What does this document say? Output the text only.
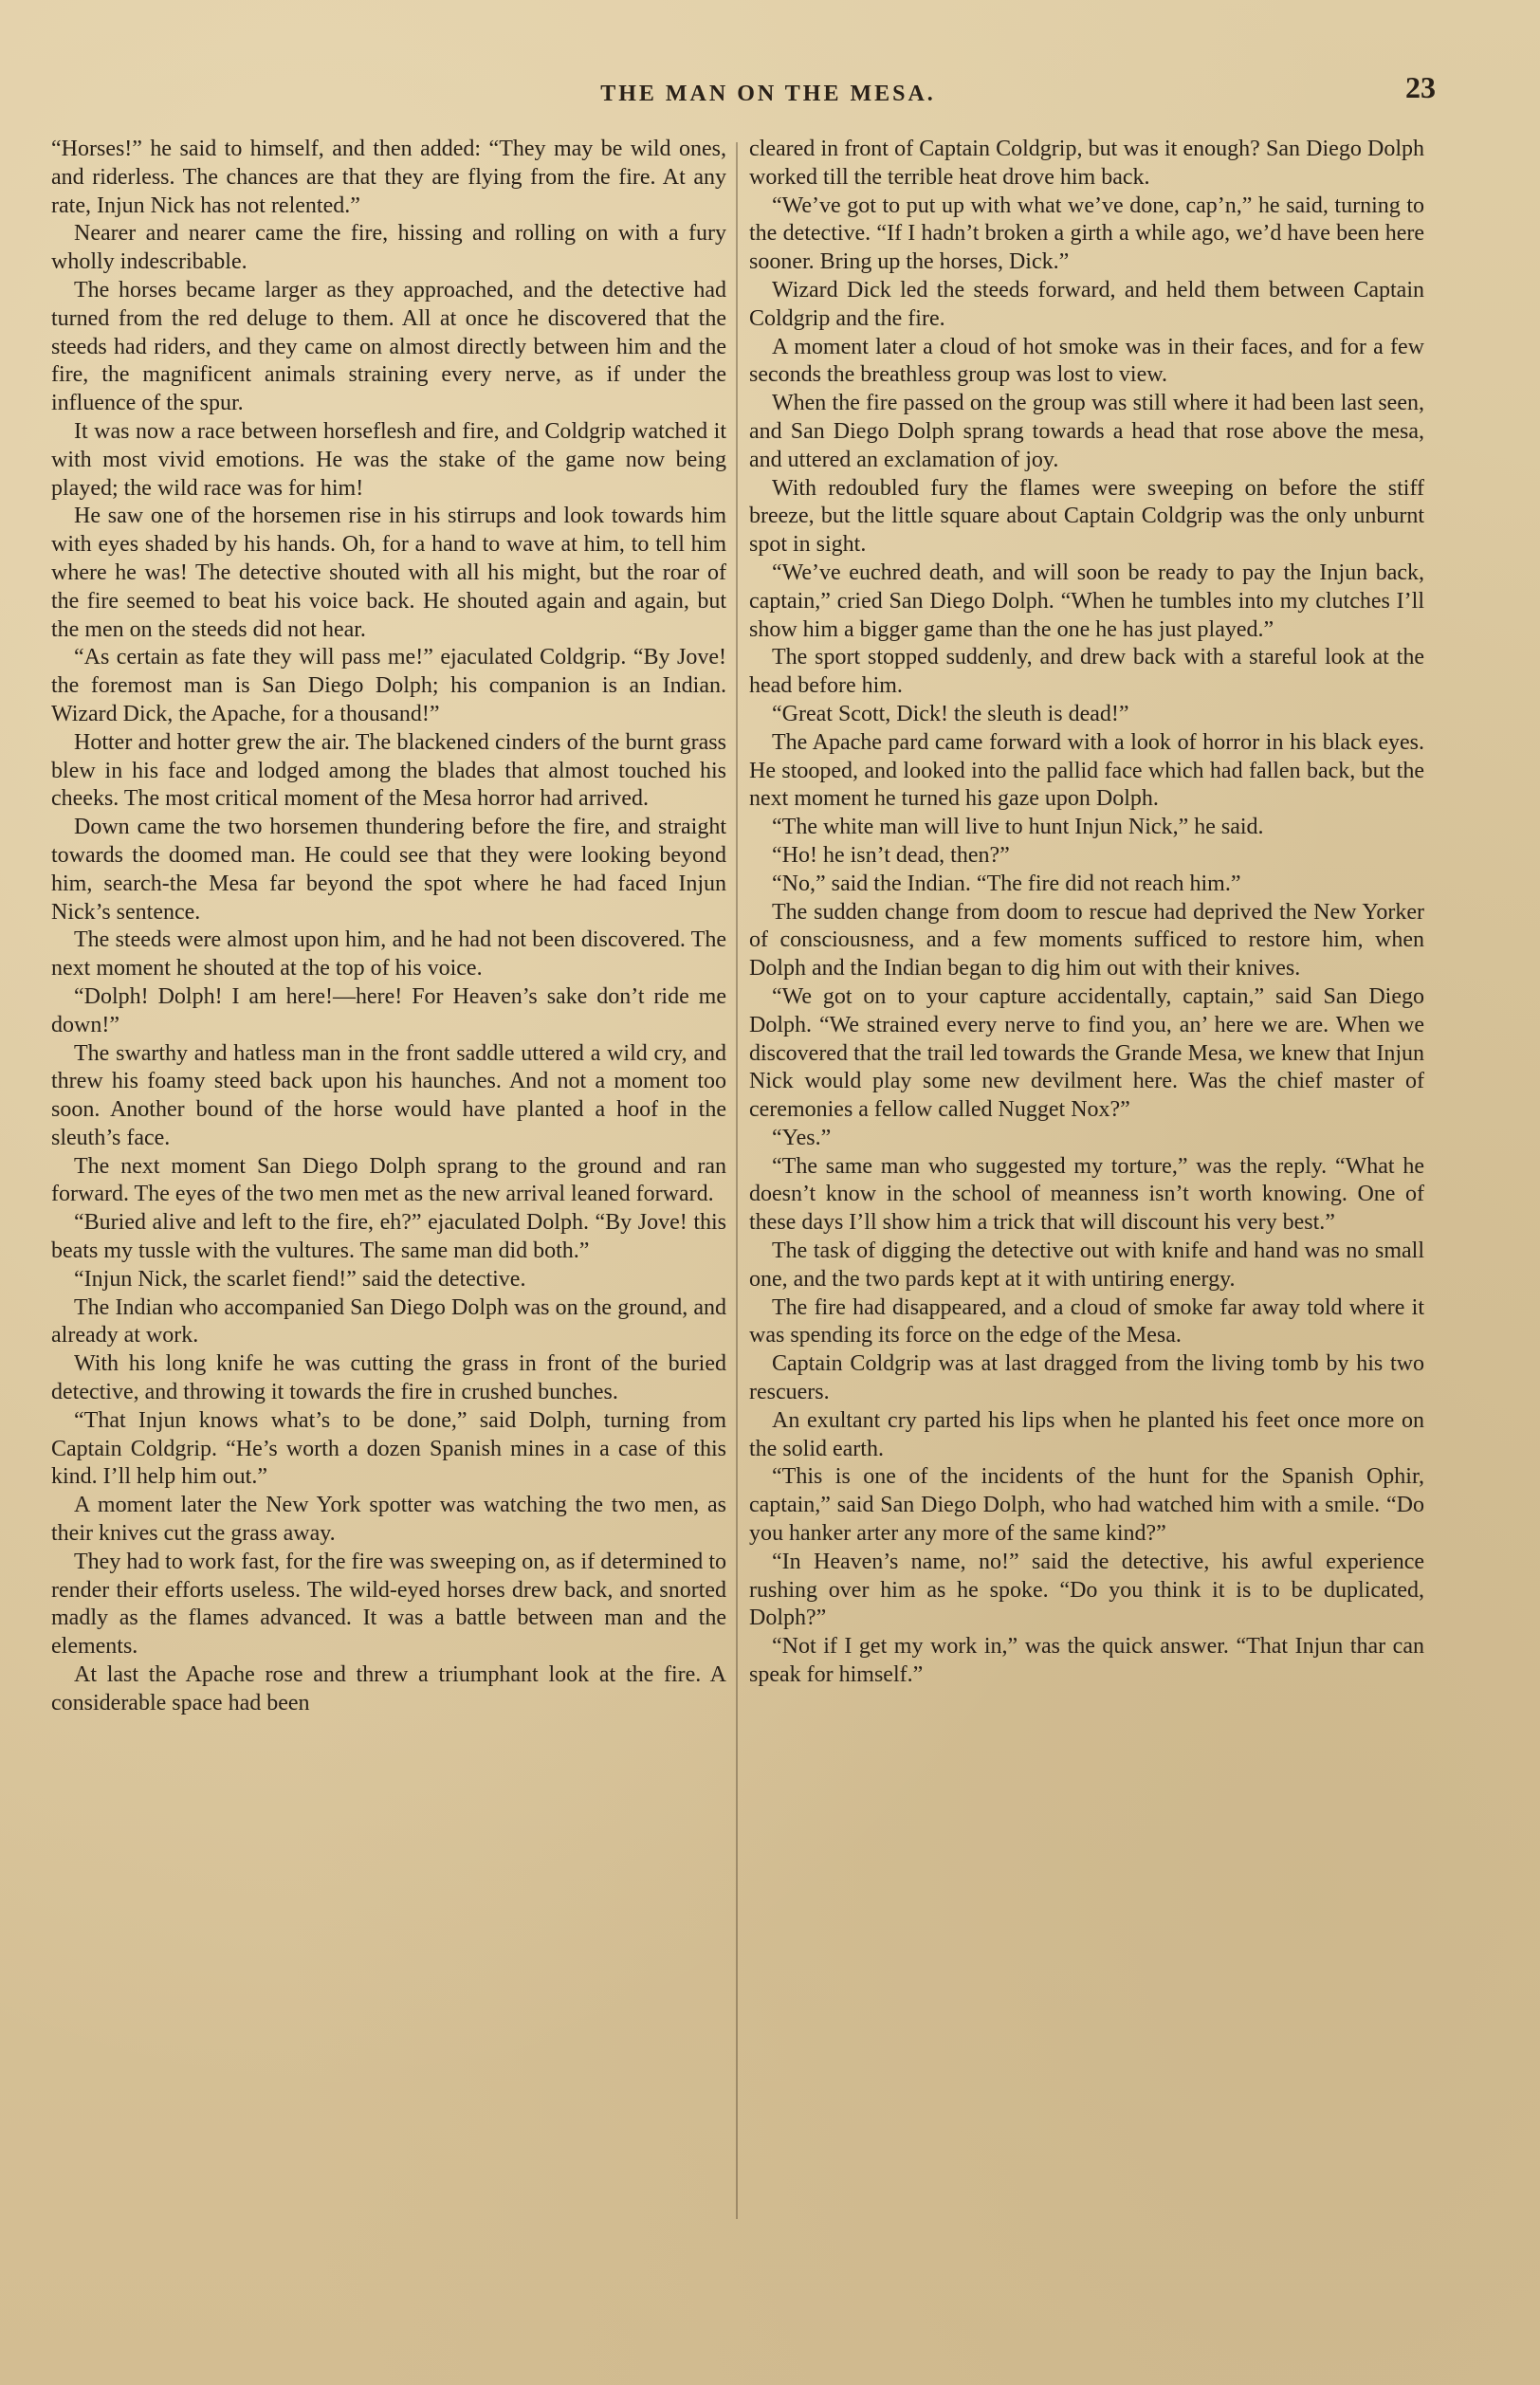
THE MAN ON THE MESA.	23

“Horses!” he said to himself, and then added: “They may be wild ones, and riderless. The chances are that they are flying from the fire. At any rate, Injun Nick has not relented.”

Nearer and nearer came the fire, hissing and rolling on with a fury wholly indescribable.

The horses became larger as they approached, and the detective had turned from the red deluge to them. All at once he discovered that the steeds had riders, and they came on almost directly between him and the fire, the magnificent animals straining every nerve, as if under the influence of the spur.

It was now a race between horseflesh and fire, and Coldgrip watched it with most vivid emotions. He was the stake of the game now being played; the wild race was for him!

He saw one of the horsemen rise in his stirrups and look towards him with eyes shaded by his hands. Oh, for a hand to wave at him, to tell him where he was! The detective shouted with all his might, but the roar of the fire seemed to beat his voice back. He shouted again and again, but the men on the steeds did not hear.

“As certain as fate they will pass me!” ejaculated Coldgrip. “By Jove! the foremost man is San Diego Dolph; his companion is an Indian. Wizard Dick, the Apache, for a thousand!”

Hotter and hotter grew the air. The blackened cinders of the burnt grass blew in his face and lodged among the blades that almost touched his cheeks. The most critical moment of the Mesa horror had arrived.

Down came the two horsemen thundering before the fire, and straight towards the doomed man. He could see that they were looking beyond him, search-the Mesa far beyond the spot where he had faced Injun Nick’s sentence.

The steeds were almost upon him, and he had not been discovered. The next moment he shouted at the top of his voice.

“Dolph! Dolph! I am here!—here! For Heaven’s sake don’t ride me down!”

The swarthy and hatless man in the front saddle uttered a wild cry, and threw his foamy steed back upon his haunches. And not a moment too soon. Another bound of the horse would have planted a hoof in the sleuth’s face.

The next moment San Diego Dolph sprang to the ground and ran forward. The eyes of the two men met as the new arrival leaned forward.

“Buried alive and left to the fire, eh?” ejaculated Dolph. “By Jove! this beats my tussle with the vultures. The same man did both.”

“Injun Nick, the scarlet fiend!” said the detective.

The Indian who accompanied San Diego Dolph was on the ground, and already at work.

With his long knife he was cutting the grass in front of the buried detective, and throwing it towards the fire in crushed bunches.

“That Injun knows what’s to be done,” said Dolph, turning from Captain Coldgrip. “He’s worth a dozen Spanish mines in a case of this kind. I’ll help him out.”

A moment later the New York spotter was watching the two men, as their knives cut the grass away.

They had to work fast, for the fire was sweeping on, as if determined to render their efforts useless. The wild-eyed horses drew back, and snorted madly as the flames advanced. It was a battle between man and the elements.

At last the Apache rose and threw a triumphant look at the fire. A considerable space had been

cleared in front of Captain Coldgrip, but was it enough? San Diego Dolph worked till the terrible heat drove him back.

“We’ve got to put up with what we’ve done, cap’n,” he said, turning to the detective. “If I hadn’t broken a girth a while ago, we’d have been here sooner. Bring up the horses, Dick.”

Wizard Dick led the steeds forward, and held them between Captain Coldgrip and the fire.

A moment later a cloud of hot smoke was in their faces, and for a few seconds the breathless group was lost to view.

When the fire passed on the group was still where it had been last seen, and San Diego Dolph sprang towards a head that rose above the mesa, and uttered an exclamation of joy.

With redoubled fury the flames were sweeping on before the stiff breeze, but the little square about Captain Coldgrip was the only unburnt spot in sight.

“We’ve euchred death, and will soon be ready to pay the Injun back, captain,” cried San Diego Dolph. “When he tumbles into my clutches I’ll show him a bigger game than the one he has just played.”

The sport stopped suddenly, and drew back with a stareful look at the head before him.

“Great Scott, Dick! the sleuth is dead!”

The Apache pard came forward with a look of horror in his black eyes. He stooped, and looked into the pallid face which had fallen back, but the next moment he turned his gaze upon Dolph.

“The white man will live to hunt Injun Nick,” he said.

“Ho! he isn’t dead, then?”

“No,” said the Indian. “The fire did not reach him.”

The sudden change from doom to rescue had deprived the New Yorker of consciousness, and a few moments sufficed to restore him, when Dolph and the Indian began to dig him out with their knives.

“We got on to your capture accidentally, captain,” said San Diego Dolph. “We strained every nerve to find you, an’ here we are. When we discovered that the trail led towards the Grande Mesa, we knew that Injun Nick would play some new devilment here. Was the chief master of ceremonies a fellow called Nugget Nox?”

“Yes.”

“The same man who suggested my torture,” was the reply. “What he doesn’t know in the school of meanness isn’t worth knowing. One of these days I’ll show him a trick that will discount his very best.”

The task of digging the detective out with knife and hand was no small one, and the two pards kept at it with untiring energy.

The fire had disappeared, and a cloud of smoke far away told where it was spending its force on the edge of the Mesa.

Captain Coldgrip was at last dragged from the living tomb by his two rescuers.

An exultant cry parted his lips when he planted his feet once more on the solid earth.

“This is one of the incidents of the hunt for the Spanish Ophir, captain,” said San Diego Dolph, who had watched him with a smile. “Do you hanker arter any more of the same kind?”

“In Heaven’s name, no!” said the detective, his awful experience rushing over him as he spoke. “Do you think it is to be duplicated, Dolph?”

“Not if I get my work in,” was the quick answer. “That Injun thar can speak for himself.”
